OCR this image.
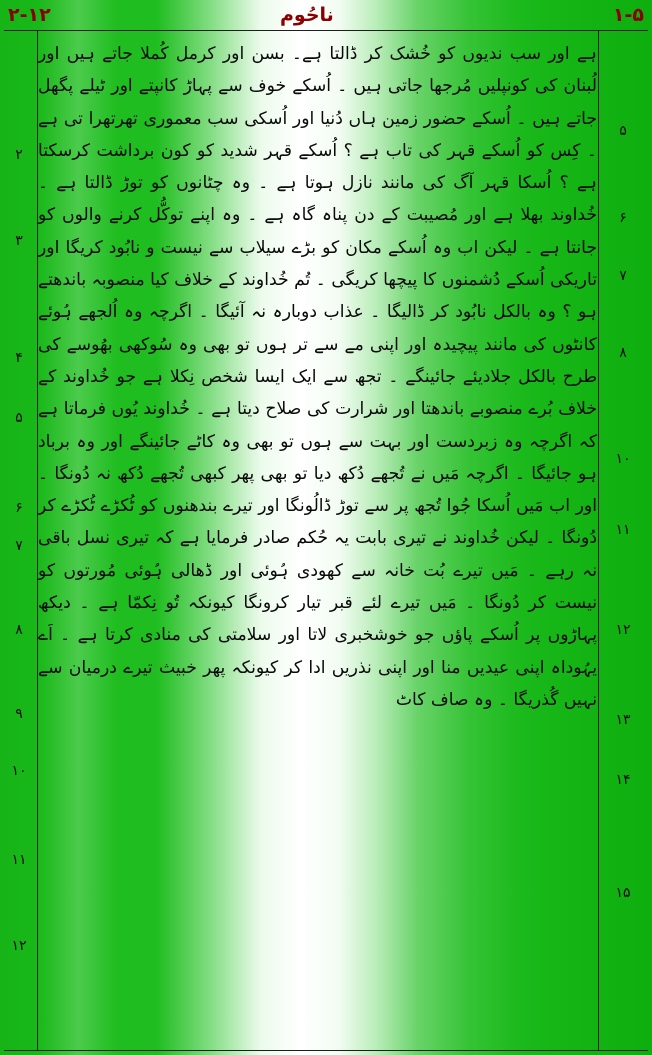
۲-۱۲	ناحُوم	۱-۵

ہے اور سب ندیوں کو خُشک کر ڈالتا ہے۔ بسن اور کرمل کُملا جاتے ہیں اور لُبنان کی کونپلیں مُرجھا جاتی ہیں ۔ اُسکے خوف سے پہاڑ کانپتے اور ٹیلے پگھل جاتے ہیں ۔ اُسکے حضور زمین ہاں دُنیا اور اُسکی سب معموری تھرتھرا تی ہے ۔ کِس کو اُسکے قہر کی تاب ہے ؟ اُسکے قہر شدید کو کون برداشت کرسکتا ہے ؟ اُسکا قہر آگ کی مانند نازل ہوتا ہے ۔ وہ چٹانوں کو توڑ ڈالتا ہے ۔ خُداوند بھلا ہے اور مُصیبت کے دن پناہ گاہ ہے ۔ وہ اپنے توکُّل کرنے والوں کو جانتا ہے ۔ لیکن اب وہ اُسکے مکان کو بڑے سیلاب سے نیست و نابُود کریگا اور تاریکی اُسکے دُشمنوں کا پیچھا کریگی ۔ تُم خُداوند کے خلاف کیا منصوبہ باندھتے ہو ؟ وہ بالکل نابُود کر ڈالیگا ۔ عذاب دوبارہ نہ آئیگا ۔ اگرچہ وہ اُلجھے ہُوئے کانٹوں کی مانند پیچیدہ اور اپنی مے سے تر ہوں تو بھی وہ سُوکھی بھُوسے کی طرح بالکل جلادیئے جائینگے ۔ تجھ سے ایک ایسا شخص نِکلا ہے جو خُداوند کے خلاف بُرے منصوبے باندھتا اور شرارت کی صلاح دیتا ہے ۔ خُداوند یُوں فرماتا ہے کہ اگرچہ وہ زبردست اور بہت سے ہوں تو بھی وہ کاٹے جائینگے اور وہ برباد ہو جائیگا ۔ اگرچہ مَیں نے تُجھے دُکھ دیا تو بھی پھر کبھی تُجھے دُکھ نہ دُونگا ۔ اور اب مَیں اُسکا جُوا تُجھ پر سے توڑ ڈالُونگا اور تیرے بندھنوں کو ٹُکڑے ٹُکڑے کر دُونگا ۔ لیکن خُداوند نے تیری بابت یہ حُکم صادر فرمایا ہے کہ تیری نسل باقی نہ رہے ۔ مَیں تیرے بُت خانہ سے کھودی ہُوئی اور ڈھالی ہُوئی مُورتوں کو نیست کر دُونگا ۔ مَیں تیرے لئے قبر تیار کرونگا کیونکہ تُو نِکمّا ہے ۔ دیکھ پہاڑوں پر اُسکے پاؤں جو خوشخبری لاتا اور سلامتی کی منادی کرتا ہے ۔ اَے یہُوداہ اپنی عیدیں منا اور اپنی نذریں ادا کر کیونکہ پھر خبیث تیرے درمیان سے نہیں گُذریگا ۔ وہ صاف کاٹ

۵
۶
۷
۸
۱۰
۱۱
۱۲
۱۳
۱۴
۱۵
۲
۳
۴
۵
۶
۷
۸
۹
۱۰
۱۱
۱۲
